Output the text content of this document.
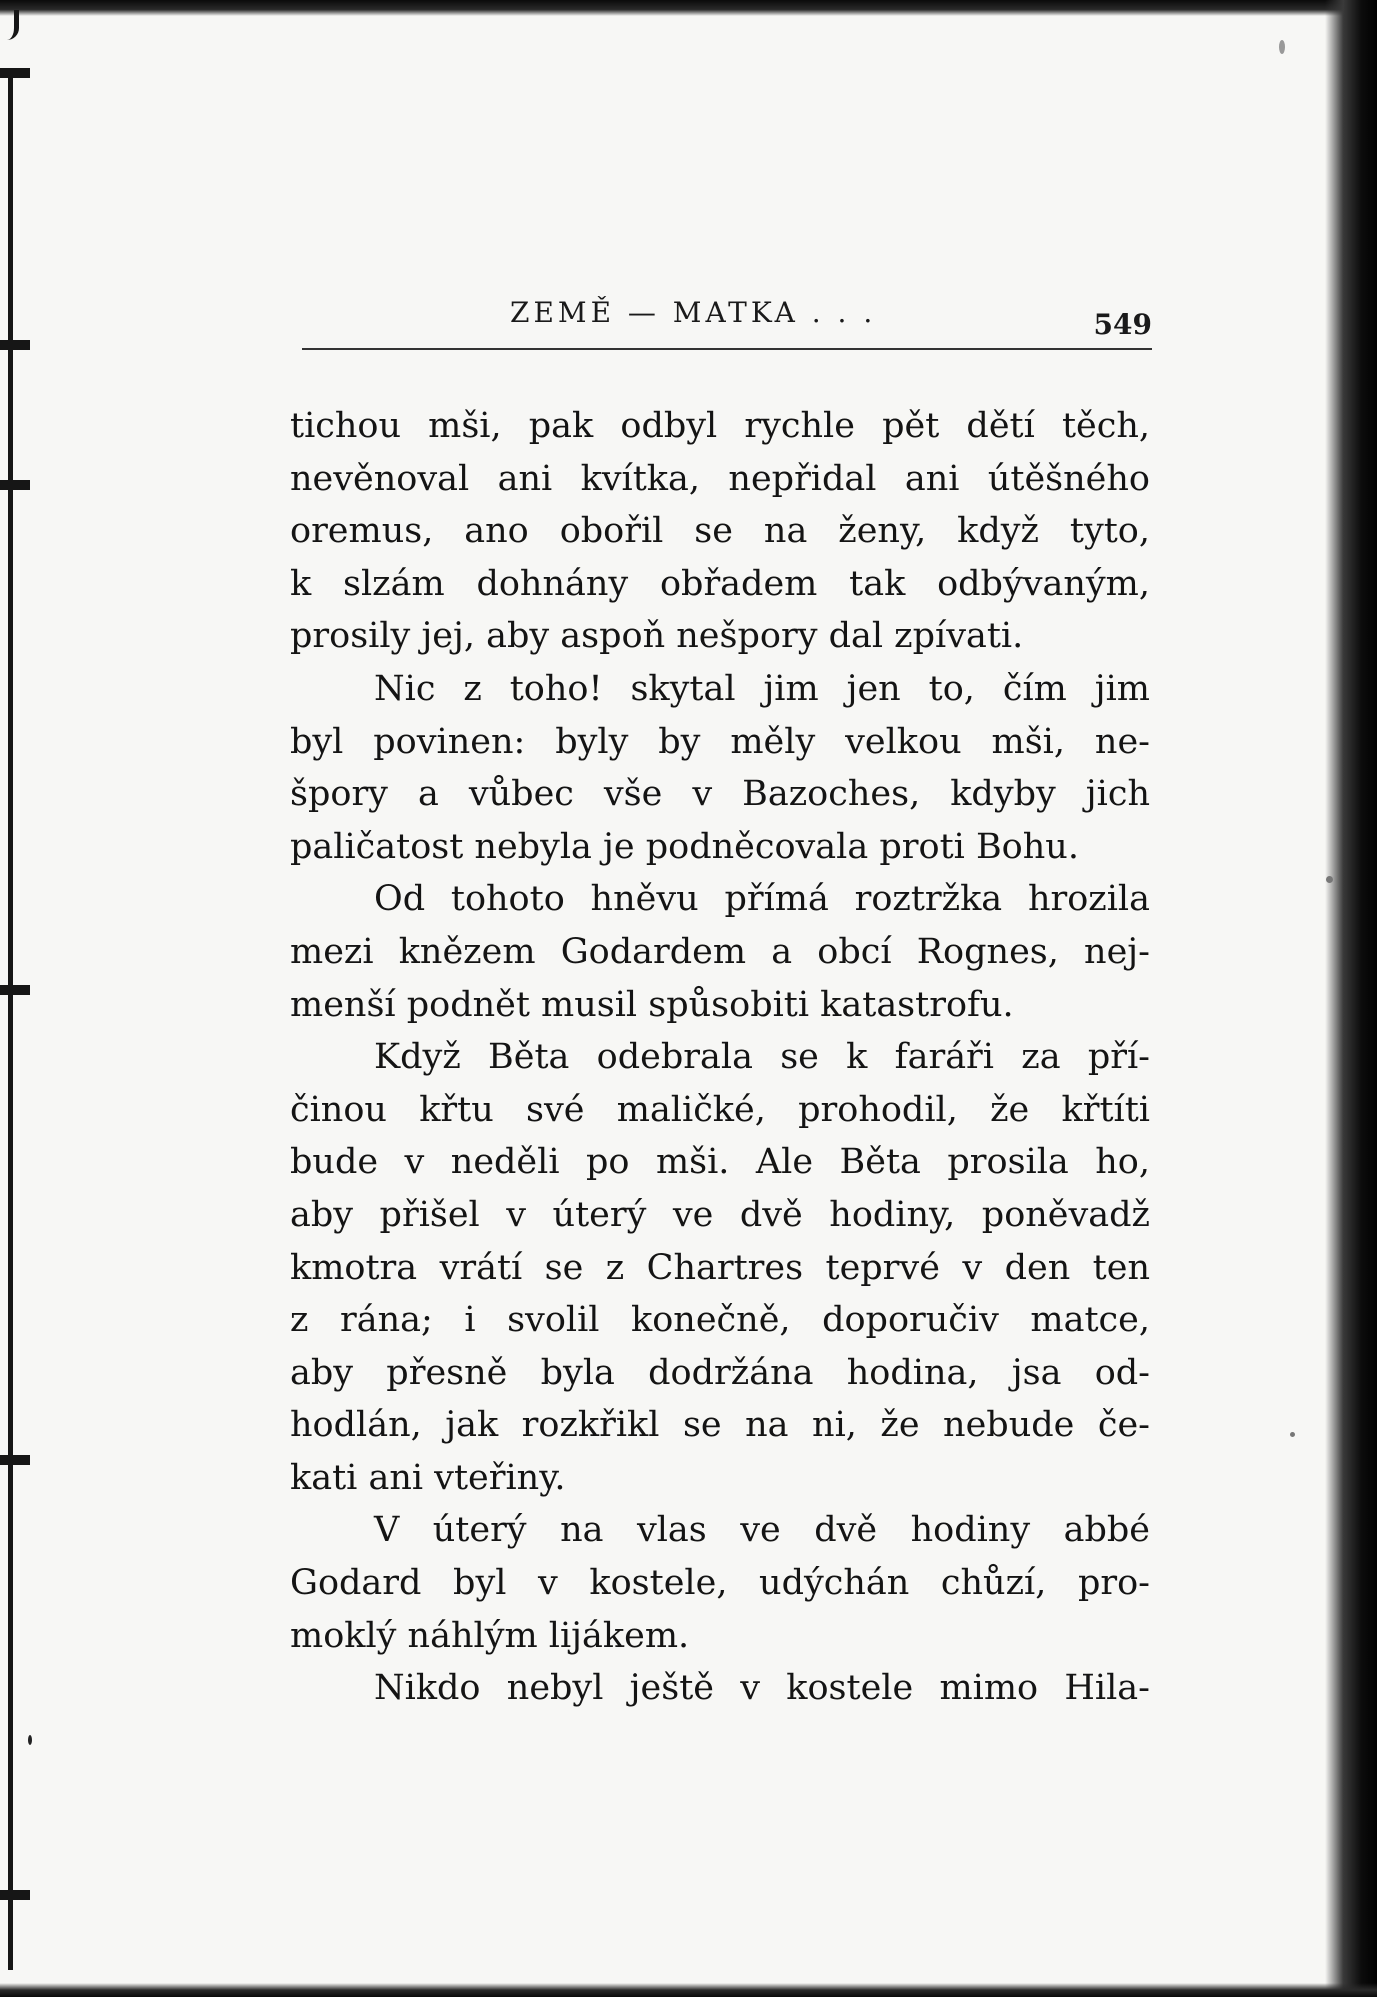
ZEMĚ — MATKA . . .	549
tichou mši, pak odbyl rychle pět dětí těch,
nevěnoval ani kvítka, nepřidal ani útěšného
oremus, ano obořil se na ženy, když tyto,
k slzám dohnány obřadem tak odbývaným,
prosily jej, aby aspoň nešpory dal zpívati.
Nic z toho! skytal jim jen to, čím jim
byl povinen: byly by měly velkou mši, ne-
špory a vůbec vše v Bazoches, kdyby jich
paličatost nebyla je podněcovala proti Bohu.
Od tohoto hněvu přímá roztržka hrozila
mezi knězem Godardem a obcí Rognes, nej-
menší podnět musil spůsobiti katastrofu.
Když Běta odebrala se k faráři za pří-
činou křtu své maličké, prohodil, že křtíti
bude v neděli po mši. Ale Běta prosila ho,
aby přišel v úterý ve dvě hodiny, poněvadž
kmotra vrátí se z Chartres teprvé v den ten
z rána; i svolil konečně, doporučiv matce,
aby přesně byla dodržána hodina, jsa od-
hodlán, jak rozkřikl se na ni, že nebude če-
kati ani vteřiny.
V úterý na vlas ve dvě hodiny abbé
Godard byl v kostele, udýchán chůzí, pro-
moklý náhlým lijákem.
Nikdo nebyl ještě v kostele mimo Hila-
